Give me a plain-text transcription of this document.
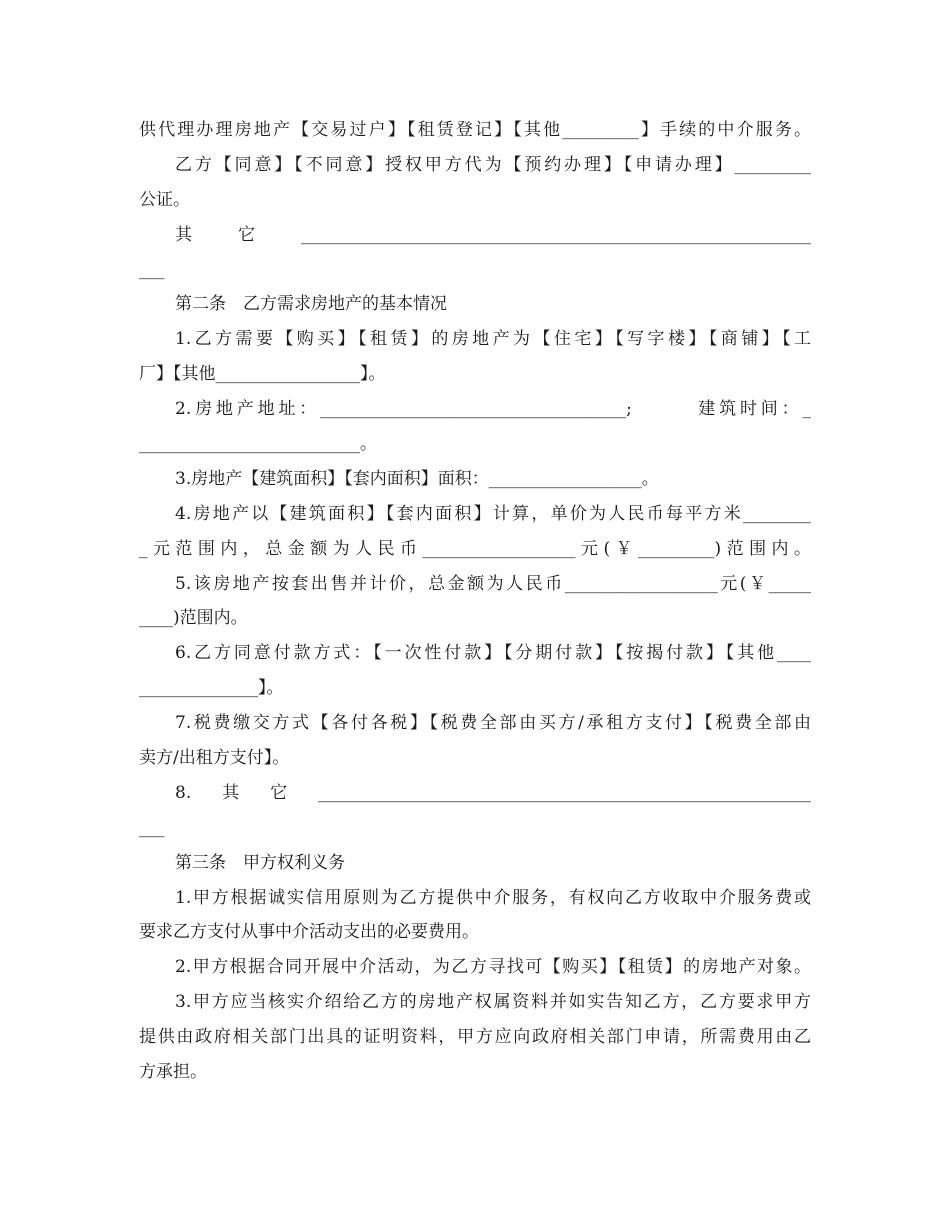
供代理办理房地产【交易过户】【租赁登记】【其他_________】手续的中介服务。
乙方【同意】【不同意】授权甲方代为【预约办理】【申请办理】_________
公证。
其它____________________________________________________________
___
第二条　乙方需求房地产的基本情况
1.乙方需要【购买】【租赁】的房地产为【住宅】【写字楼】【商铺】【工
厂】【其他_________________】。
2.房地产地址：____________________________________;　　　建筑时间：_
__________________________。
3.房地产【建筑面积】【套内面积】面积：__________________。
4.房地产以【建筑面积】【套内面积】计算，单价为人民币每平方米________
_元范围内，总金额为人民币__________________元(￥_________)范围内。
5.该房地产按套出售并计价，总金额为人民币__________________元(￥_____
____)范围内。
6.乙方同意付款方式：【一次性付款】【分期付款】【按揭付款】【其他____
______________】。
7.税费缴交方式【各付各税】【税费全部由买方/承租方支付】【税费全部由
卖方/出租方支付】。
8.其它__________________________________________________________
___
第三条　甲方权利义务
1.甲方根据诚实信用原则为乙方提供中介服务，有权向乙方收取中介服务费或
要求乙方支付从事中介活动支出的必要费用。
2.甲方根据合同开展中介活动，为乙方寻找可【购买】【租赁】的房地产对象。
3.甲方应当核实介绍给乙方的房地产权属资料并如实告知乙方，乙方要求甲方
提供由政府相关部门出具的证明资料，甲方应向政府相关部门申请，所需费用由乙
方承担。
